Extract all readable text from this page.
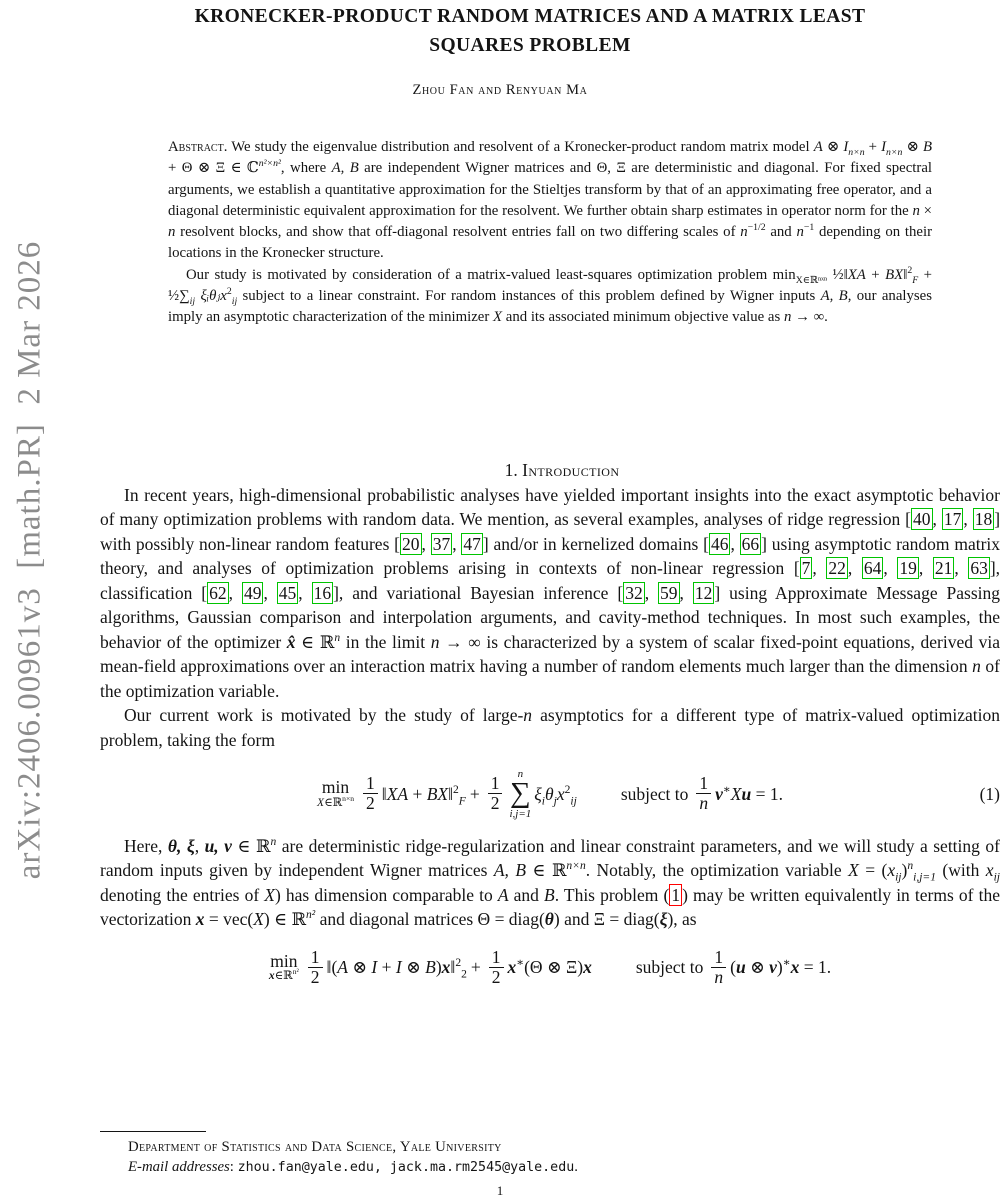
arXiv:2406.00961v3  [math.PR]  2 Mar 2026
KRONECKER-PRODUCT RANDOM MATRICES AND A MATRIX LEAST
SQUARES PROBLEM
Zhou Fan and Renyuan Ma

Abstract. We study the eigenvalue distribution and resolvent of a Kronecker-product random matrix model A ⊗ $I_{n\times n} + I_{n\times n}$ ⊗ B + Θ ⊗ Ξ ∈ ℂ$^{n^2\times n^2}$, where A, B are independent Wigner matrices and Θ, Ξ are deterministic and diagonal. For fixed spectral arguments, we establish a quantitative approximation for the Stieltjes transform by that of an approximating free operator, and a diagonal deterministic equivalent approximation for the resolvent. We further obtain sharp estimates in operator norm for the n × n resolvent blocks, and show that off-diagonal resolvent entries fall on two differing scales of $n^{-1/2}$ and $n^{-1}$ depending on their locations in the Kronecker structure.

Our study is motivated by consideration of a matrix-valued least-squares optimization problem $\min_{X\in ℝ^nˣ^n}$ ½‖XA + BX‖$^2_F$ + $\frac{1}{2}\sum_{ij}$ ξᵢθⱼx$^2_{ij}$ subject to a linear constraint. For random instances of this problem defined by Wigner inputs A, B, our analyses imply an asymptotic characterization of the minimizer X and its associated minimum objective value as n → ∞.

1. Introduction

In recent years, high-dimensional probabilistic analyses have yielded important insights into the exact asymptotic behavior of many optimization problems with random data. We mention, as several examples, analyses of ridge regression [ 40 , 17 , 18 ] with possibly non-linear random features [ 20 , 37 , 47 ] and/or in kernelized domains [ 46 , 66 ] using asymptotic random matrix theory, and analyses of optimization problems arising in contexts of non-linear regression [ 7 , 22 , 64 , 19 , 21 , 63 ], classification [ 62 , 49 , 45 , 16 ], and variational Bayesian inference [ 32 , 59 , 12 ] using Approximate Message Passing algorithms, Gaussian comparison and interpolation arguments, and cavity-method techniques. In most such examples, the behavior of the optimizer x̂ ∈ ℝ$^n$ in the limit n → ∞ is characterized by a system of scalar fixed-point equations, derived via mean-field approximations over an interaction matrix having a number of random elements much larger than the dimension n of the optimization variable.

Our current work is motivated by the study of large-n asymptotics for a different type of matrix-valued optimization problem, taking the form

min
X∈ℝ$^{n\times n}$ $\frac{1}{2}$ ‖XA + BX‖$^2_F$ + $\frac{1}{2}$
n
∑
i,j=1
$\xi_i\theta_jx^2_{ij}$	subject to $\frac{1}{n} v^∗Xu = 1$.	(1)

Here, θ, ξ, u, v ∈ ℝ$^n$ are deterministic ridge-regularization and linear constraint parameters, and we will study a setting of random inputs given by independent Wigner matrices A, B ∈ ℝ$^{n\times n}$. Notably, the optimization variable $X = (x_{ij})^n_{i,j=1}$ (with $x_{ij}$ denoting the entries of X) has dimension comparable to A and B. This problem ( 1 ) may be written equivalently in terms of the vectorization x = vec(X) ∈ ℝ$^{n^2}$ and diagonal matrices Θ = diag(θ) and Ξ = diag(ξ), as

min
x∈ℝ$^{n^2}$ $\frac{1}{2}$ ‖(A ⊗ I + I ⊗ B)x‖$^2_2$ + $\frac{1}{2} x^∗(\Theta$ ⊗ Ξ)x	subject to $\frac{1}{n} (u$ ⊗ v)∗x = 1.
Department of Statistics and Data Science, Yale University
E-mail addresses: zhou.fan@yale.edu, jack.ma.rm2545@yale.edu.
1
